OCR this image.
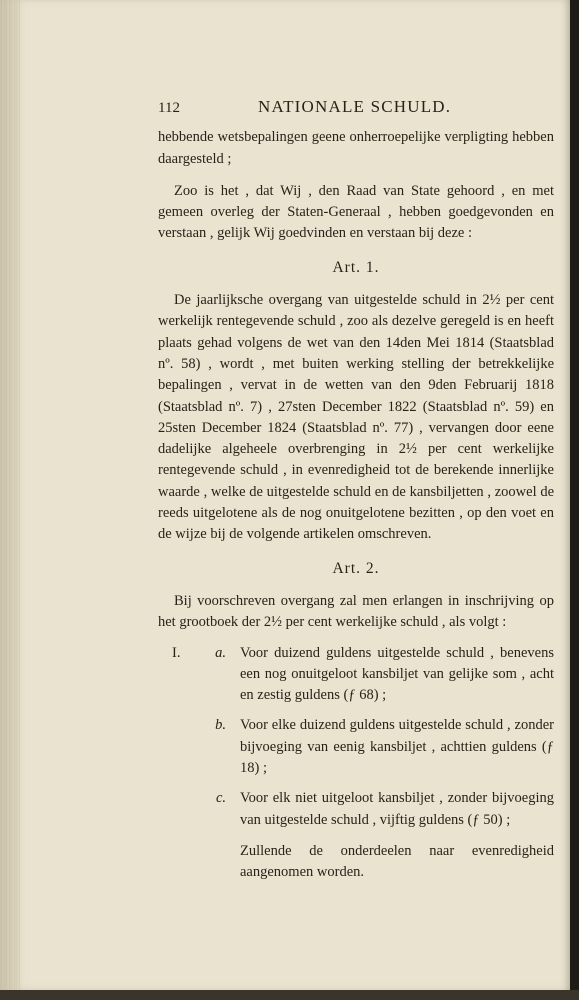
112	NATIONALE SCHULD.

hebbende wetsbepalingen geene onherroepelijke verpligting hebben daargesteld ;

Zoo is het , dat Wij , den Raad van State gehoord , en met gemeen overleg der Staten-Generaal , hebben goedgevonden en verstaan , gelijk Wij goedvinden en verstaan bij deze :

Art. 1.

De jaarlijksche overgang van uitgestelde schuld in 2½ per cent werkelijk rentegevende schuld , zoo als dezelve geregeld is en heeft plaats gehad volgens de wet van den 14den Mei 1814 (Staatsblad nº. 58) , wordt , met buiten werking stelling der betrekkelijke bepalingen , vervat in de wetten van den 9den Februarij 1818 (Staatsblad nº. 7) , 27sten December 1822 (Staatsblad nº. 59) en 25sten December 1824 (Staatsblad nº. 77) , vervangen door eene dadelijke algeheele overbrenging in 2½ per cent werkelijke rentegevende schuld , in evenredigheid tot de berekende innerlijke waarde , welke de uitgestelde schuld en de kansbiljetten , zoowel de reeds uitgelotene als de nog onuitgelotene bezitten , op den voet en de wijze bij de volgende artikelen omschreven.

Art. 2.

Bij voorschreven overgang zal men erlangen in inschrijving op het grootboek der 2½ per cent werkelijke schuld , als volgt :

I.	a. Voor duizend guldens uitgestelde schuld , benevens een nog onuitgeloot kansbiljet van gelijke som , acht en zestig guldens (ƒ 68) ;
b. Voor elke duizend guldens uitgestelde schuld , zonder bijvoeging van eenig kansbiljet , achttien guldens (ƒ 18) ;
c. Voor elk niet uitgeloot kansbiljet , zonder bijvoeging van uitgestelde schuld , vijftig guldens (ƒ 50) ;

Zullende de onderdeelen naar evenredigheid aangenomen worden.
